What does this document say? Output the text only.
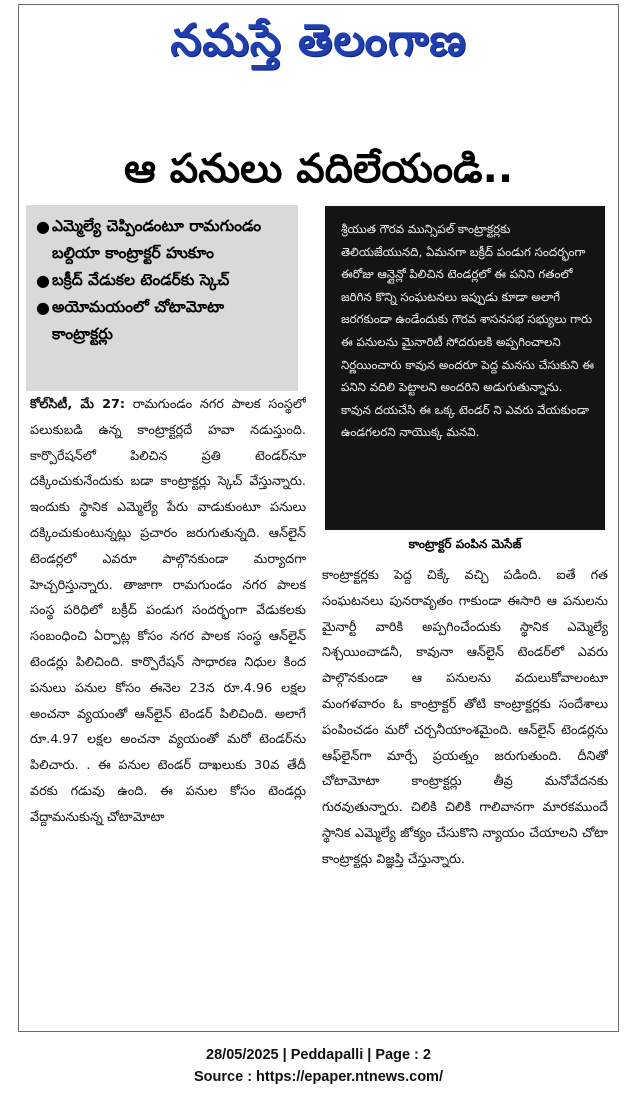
నమస్తే తెలంగాణ
ఆ పనులు వదిలేయండి..
● ఎమ్మెల్యే చెప్పిండంటూ రామగుండం బల్దియా కాంట్రాక్టర్ హుకూం
● బక్రీద్ వేడుకల టెండర్‌కు స్కెచ్
● అయోమయంలో చోటామోటా కాంట్రాక్టర్లు
శ్రీయుత గౌరవ మున్సిపల్ కాంట్రాక్టర్లకు తెలియజేయునది, ఏమనగా బక్రీద్ పండుగ సందర్భంగా ఈరోజు ఆన్లైన్లో పిలిచిన టెండర్లలో ఈ పనిని గతంలో జరిగిన కొన్ని సంఘటనలు ఇప్పుడు కూడా అలాగే జరగకుండా ఉండేందుకు గౌరవ శాసనసభ సభ్యులు గారు ఈ పనులను మైనారిటీ సోదరులకి అప్పగించాలని నిర్ణయించారు కావున అందరూ పెద్ద మనసు చేసుకుని ఈ పనిని వదిలి పెట్టాలని అందరిని అడుగుతున్నాను. కావున దయచేసి ఈ ఒక్క టెండర్ ని ఎవరు వేయకుండా ఉండగలరని నాయొక్క మనవి.
కాంట్రాక్టర్ పంపిన మెసేజ్

కోల్‌సిటీ, మే 27: రామగుండం నగర పాలక సంస్థలో పలుకుబడి ఉన్న కాంట్రాక్టర్లదే హవా నడుస్తుంది. కార్పొరేషన్‌లో పిలిచిన ప్రతి టెండర్‌నూ దక్కించుకునేందుకు బడా కాంట్రాక్టర్లు స్కెచ్ వేస్తున్నారు. ఇందుకు స్థానిక ఎమ్మెల్యే పేరు వాడుకుంటూ పనులు దక్కించుకుంటున్నట్లు ప్రచారం జరుగుతున్నది. ఆన్‌లైన్ టెండర్లలో ఎవరూ పాల్గొనకుండా మర్యాదగా హెచ్చరిస్తున్నారు. తాజాగా రామగుండం నగర పాలక సంస్థ పరిధిలో బక్రీద్ పండుగ సందర్భంగా వేడుకలకు సంబంధించి ఏర్పాట్ల కోసం నగర పాలక సంస్థ ఆన్‌లైన్ టెండర్లు పిలిచింది. కార్పొరేషన్ సాధారణ నిధుల కింద పనులు పనుల కోసం ఈనెల 23న రూ.4.96 లక్షల అంచనా వ్యయంతో ఆన్‌లైన్ టెండర్ పిలిచింది. అలాగే రూ.4.97 లక్షల అంచనా వ్యయంతో మరో టెండర్‌ను పిలిచారు. . ఈ పనుల టెండర్ దాఖలుకు 30వ తేదీ వరకు గడువు ఉంది. ఈ పనుల కోసం టెండర్లు వేద్దామనుకున్న చోటామోటా

కాంట్రాక్టర్లకు పెద్ద చిక్కే వచ్చి పడింది. ఐతే గత సంఘటనలు పునరావృతం గాకుండా ఈసారి ఆ పనులను మైనార్టీ వారికి అప్పగించేందుకు స్థానిక ఎమ్మెల్యే నిశ్చయించాడనీ, కావునా ఆన్‌లైన్ టెండర్‌లో ఎవరు పాల్గొనకుండా ఆ పనులను వదులుకోవాలంటూ మంగళవారం ఓ కాంట్రాక్టర్ తోటి కాంట్రాక్టర్లకు సందేశాలు పంపించడం మరో చర్చనీయాంశమైంది. ఆన్‌లైన్ టెండర్లను ఆఫ్‌లైన్‌గా మార్చే ప్రయత్నం జరుగుతుంది. దీనితో చోటామోటా కాంట్రాక్టర్లు తీవ్ర మనోవేదనకు గురవుతున్నారు. చిలికి చిలికి గాలివానగా మారకముందే స్థానిక ఎమ్మెల్యే జోక్యం చేసుకొని న్యాయం చేయాలని చోటా కాంట్రాక్టర్లు విజ్ఞప్తి చేస్తున్నారు.

28/05/2025 | Peddapalli | Page : 2
Source : https://epaper.ntnews.com/
